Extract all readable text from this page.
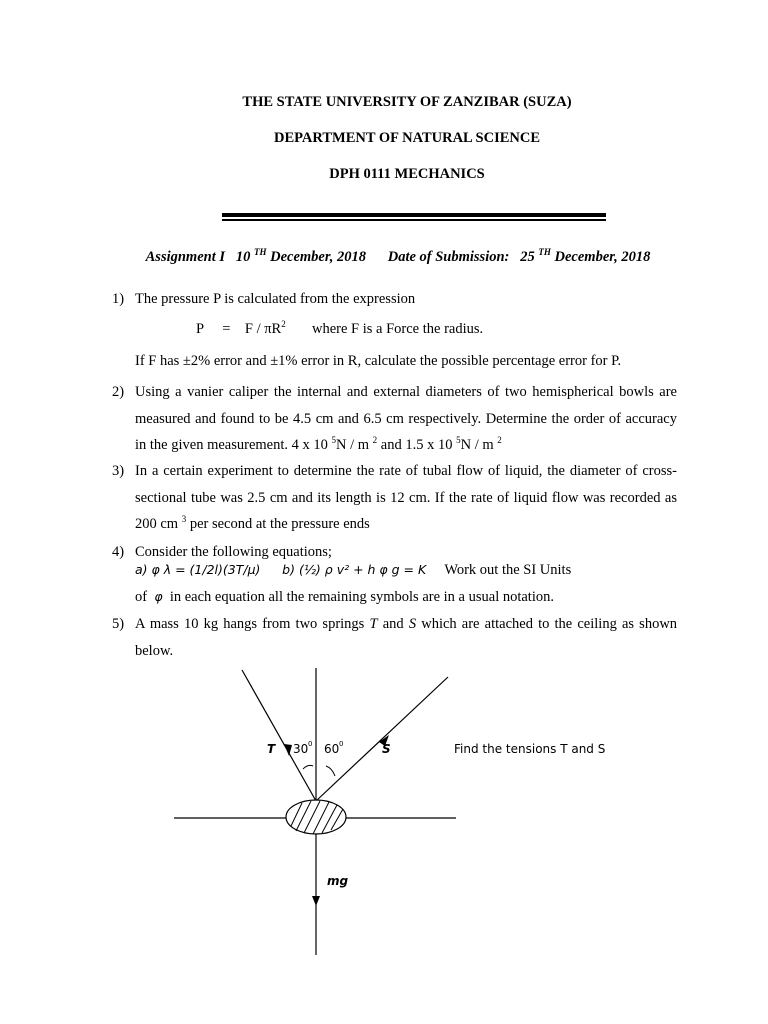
THE STATE UNIVERSITY OF ZANZIBAR (SUZA)
DEPARTMENT OF NATURAL SCIENCE
DPH 0111 MECHANICS
Assignment I 10 $^{TH}$ December, 2018 Date of Submission: 25 $^{TH}$ December, 2018
1) The pressure P is calculated from the expression
$P = F / \pi R^2$ where F is a Force the radius.
If F has ±2% error and ±1% error in R, calculate the possible percentage error for P.
2) Using a vanier caliper the internal and external diameters of two hemispherical bowls are measured and found to be 4.5 cm and 6.5 cm respectively. Determine the order of accuracy in the given measurement. 4 x 10 $^5$N / m $^2$ and 1.5 x 10 $^5$N / m $^2$
3) In a certain experiment to determine the rate of tubal flow of liquid, the diameter of cross-sectional tube was 2.5 cm and its length is 12 cm. If the rate of liquid flow was recorded as 200 cm $^3$ per second at the pressure ends
4) Consider the following equations;
a) φ λ = (1/2l)(3T/μ) b) (½) ρ v² + h φ g = K Work out the SI Units
of φ in each equation all the remaining symbols are in a usual notation.
5) A mass 10 kg hangs from two springs T and S which are attached to the ceiling as shown below.
T 30 0 60 0	S
mg
Find the tensions T and S
